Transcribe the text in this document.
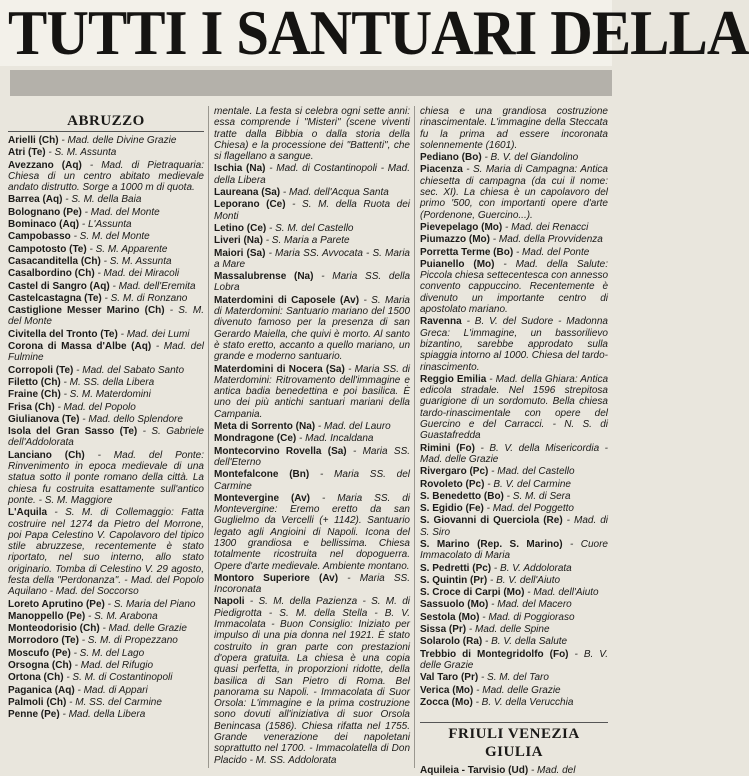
TUTTI I SANTUARI DELLA
ABRUZZO
Arielli (Ch) - Mad. delle Divine Grazie
Atri (Te) - S. M. Assunta
Avezzano (Aq) - Mad. di Pietraquaria: Chiesa di un centro abitato medievale andato distrutto. Sorge a 1000 m di quota.
Barrea (Aq) - S. M. della Baia
Bolognano (Pe) - Mad. del Monte
Bominaco (Aq) - L'Assunta
Campobasso - S. M. del Monte
Campotosto (Te) - S. M. Apparente
Casacanditella (Ch) - S. M. Assunta
Casalbordino (Ch) - Mad. dei Miracoli
Castel di Sangro (Aq) - Mad. dell'Eremita
Castelcastagna (Te) - S. M. di Ronzano
Castiglione Messer Marino (Ch) - S. M. del Monte
Civitella del Tronto (Te) - Mad. dei Lumi
Corona di Massa d'Albe (Aq) - Mad. del Fulmine
Corropoli (Te) - Mad. del Sabato Santo
Filetto (Ch) - M. SS. della Libera
Fraine (Ch) - S. M. Materdomini
Frisa (Ch) - Mad. del Popolo
Giulianova (Te) - Mad. dello Splendore
Isola del Gran Sasso (Te) - S. Gabriele dell'Addolorata
Lanciano (Ch) - Mad. del Ponte: Rinvenimento in epoca medievale di una statua sotto il ponte romano della città. La chiesa fu costruita esattamente sull'antico ponte. - S. M. Maggiore
L'Aquila - S. M. di Collemaggio: Fatta costruire nel 1274 da Pietro del Morrone, poi Papa Celestino V. Capolavoro del tipico stile abruzzese, recentemente è stato riportato, nel suo interno, allo stato originario. Tomba di Celestino V. 29 agosto, festa della "Perdonanza". - Mad. del Popolo Aquilano - Mad. del Soccorso
Loreto Aprutino (Pe) - S. Maria del Piano
Manoppello (Pe) - S. M. Arabona
Monteodorisio (Ch) - Mad. delle Grazie
Morrodoro (Te) - S. M. di Propezzano
Moscufo (Pe) - S. M. del Lago
Orsogna (Ch) - Mad. del Rifugio
Ortona (Ch) - S. M. di Costantinopoli
Paganica (Aq) - Mad. di Appari
Palmoli (Ch) - M. SS. del Carmine
Penne (Pe) - Mad. della Libera
mentale. La festa si celebra ogni sette anni: essa comprende i "Misteri" (scene viventi tratte dalla Bibbia o dalla storia della Chiesa) e la processione dei "Battenti", che si flagellano a sangue.
Ischia (Na) - Mad. di Costantinopoli - Mad. della Libera
Laureana (Sa) - Mad. dell'Acqua Santa
Leporano (Ce) - S. M. della Ruota dei Monti
Letino (Ce) - S. M. del Castello
Liveri (Na) - S. Maria a Parete
Maiori (Sa) - Maria SS. Avvocata - S. Maria a Mare
Massalubrense (Na) - Maria SS. della Lobra
Materdomini di Caposele (Av) - S. Maria di Materdomini: Santuario mariano del 1500 divenuto famoso per la presenza di san Gerardo Maiella, che quivi è morto. Al santo è stato eretto, accanto a quello mariano, un grande e moderno santuario.
Materdomini di Nocera (Sa) - Maria SS. di Materdomini: Ritrovamento dell'immagine e antica badia benedettina e poi basilica. È uno dei più antichi santuari mariani della Campania.
Meta di Sorrento (Na) - Mad. del Lauro
Mondragone (Ce) - Mad. Incaldana
Montecorvino Rovella (Sa) - Maria SS. dell'Eterno
Montefalcone (Bn) - Maria SS. del Carmine
Montevergine (Av) - Maria SS. di Montevergine: Eremo eretto da san Guglielmo da Vercelli (+ 1142). Santuario legato agli Angioini di Napoli. Icona del 1300 grandiosa e bellissima. Chiesa totalmente ricostruita nel dopoguerra. Opere d'arte medievale. Ambiente montano.
Montoro Superiore (Av) - Maria SS. Incoronata
Napoli - S. M. della Pazienza - S. M. di Piedigrotta - S. M. della Stella - B. V. Immacolata - Buon Consiglio: Iniziato per impulso di una pia donna nel 1921. È stato costruito in gran parte con prestazioni d'opera gratuita. La chiesa è una copia quasi perfetta, in proporzioni ridotte, della basilica di San Pietro di Roma. Bel panorama su Napoli. - Immacolata di Suor Orsola: L'immagine e la prima costruzione sono dovuti all'iniziativa di suor Orsola Benincasa (1586). Chiesa rifatta nel 1755. Grande venerazione dei napoletani soprattutto nel 1700. - Immacolatella di Don Placido - M. SS. Addolorata
chiesa e una grandiosa costruzione rinascimentale. L'immagine della Steccata fu la prima ad essere incoronata solennemente (1601).
Pediano (Bo) - B. V. del Giandolino
Piacenza - S. Maria di Campagna: Antica chiesetta di campagna (da cui il nome: sec. XI). La chiesa è un capolavoro del primo '500, con importanti opere d'arte (Pordenone, Guercino...).
Pievepelago (Mo) - Mad. dei Renacci
Piumazzo (Mo) - Mad. della Provvidenza
Porretta Terme (Bo) - Mad. del Ponte
Puianello (Mo) - Mad. della Salute: Piccola chiesa settecentesca con annesso convento cappuccino. Recentemente è divenuto un importante centro di apostolato mariano.
Ravenna - B. V. del Sudore - Madonna Greca: L'immagine, un bassorilievo bizantino, sarebbe approdato sulla spiaggia intorno al 1000. Chiesa del tardo-rinascimento.
Reggio Emilia - Mad. della Ghiara: Antica edicola stradale. Nel 1596 strepitosa guarigione di un sordomuto. Bella chiesa tardo-rinascimentale con opere del Guercino e del Carracci. - N. S. di Guastafredda
Rimini (Fo) - B. V. della Misericordia - Mad. delle Grazie
Rivergaro (Pc) - Mad. del Castello
Rovoleto (Pc) - B. V. del Carmine
S. Benedetto (Bo) - S. M. di Sera
S. Egidio (Fe) - Mad. del Poggetto
S. Giovanni di Querciola (Re) - Mad. di S. Siro
S. Marino (Rep. S. Marino) - Cuore Immacolato di Maria
S. Pedretti (Pc) - B. V. Addolorata
S. Quintin (Pr) - B. V. dell'Aiuto
S. Croce di Carpi (Mo) - Mad. dell'Aiuto
Sassuolo (Mo) - Mad. del Macero
Sestola (Mo) - Mad. di Poggioraso
Sissa (Pr) - Mad. delle Spine
Solarolo (Ra) - B. V. della Salute
Trebbio di Montegridolfo (Fo) - B. V. delle Grazie
Val Taro (Pr) - S. M. del Taro
Verica (Mo) - Mad. delle Grazie
Zocca (Mo) - B. V. della Verucchia
FRIULI VENEZIA GIULIA
Aquileia - Tarvisio (Ud) - Mad. del
